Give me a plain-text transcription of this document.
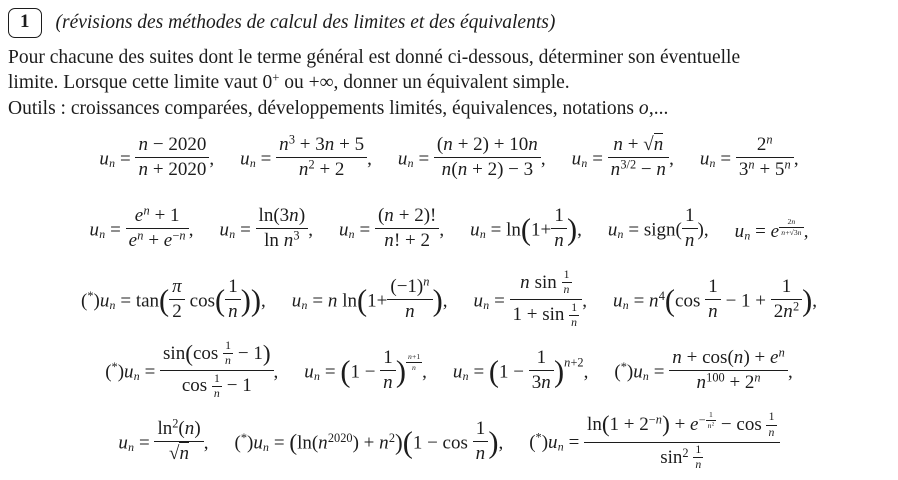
1	(révisions des méthodes de calcul des limites et des équivalents)

Pour chacune des suites dont le terme général est donné ci-dessous, déterminer son éventuelle
limite. Lorsque cette limite vaut 0+ ou +∞, donner un équivalent simple.

Outils : croissances comparées, développements limités, équivalences, notations o,...

$u_n = \frac{n - 2020}{n + 2020}$ , $u_n = \frac{n^3 + 3n + 5}{n^2 + 2}$ , $u_n = \frac{(n + 2) + 10n}{n(n + 2) - 3}$ , $u_n = \frac{n + √n}{n^{3/2} - n}$ , $u_n = \frac{2^n}{3^n + 5^n}$ ,
$u_n = \frac{e^n + 1}{e^n + e^{-n}}$ , $u_n = \frac{\ln(3n)}{\ln n^3}$ , $u_n = \frac{(n + 2)!}{n! + 2}$ , $u_n = \ln(1+ \frac{1}{n}$ ), $u_n$ = sign( $\frac{1}{n}$ ), $u_n = e$ $^{\frac{2n}{n+√3n}}$ ,
$(^*)u_n = \tan( \frac{\pi}{2} \cos( \frac{1}{n}$ )), $u_n = n$ $\ln(1+ \frac{(-1)^n}{n}$ ), $u_n = \frac{n \sin \frac{1}{n}}{1 + \sin \frac{1}{n}}$ , $u_n = n^4(\cos \frac{1}{n} - 1 + \frac{1}{2n^2}$ ),
$(^*)u_n = \frac{\sin(\cos \frac{1}{n} - 1)}{\cos \frac{1}{n} - 1}$ , $u_n = (1 - \frac{1}{n}$ ) $^{\frac{n+1}{n}}$ , $u_n = (1 - \frac{1}{3n} )^{n+2}$, $(^*)u_n = \frac{n + \cos(n) + e^n}{n^{100} + 2^n}$ ,
$u_n = \frac{\ln^2(n)}{√n}$ , $(^*)u_n = (\ln(n^{2020}) + n^2)(1 - \cos \frac{1}{n}$ ), $(^*)u_n = \ln(1 + 2^{-n}) + e^{- \frac{1}{n^2}} - \cos \frac{1}{n}$
$\sin^2 \frac{1}{n}$
